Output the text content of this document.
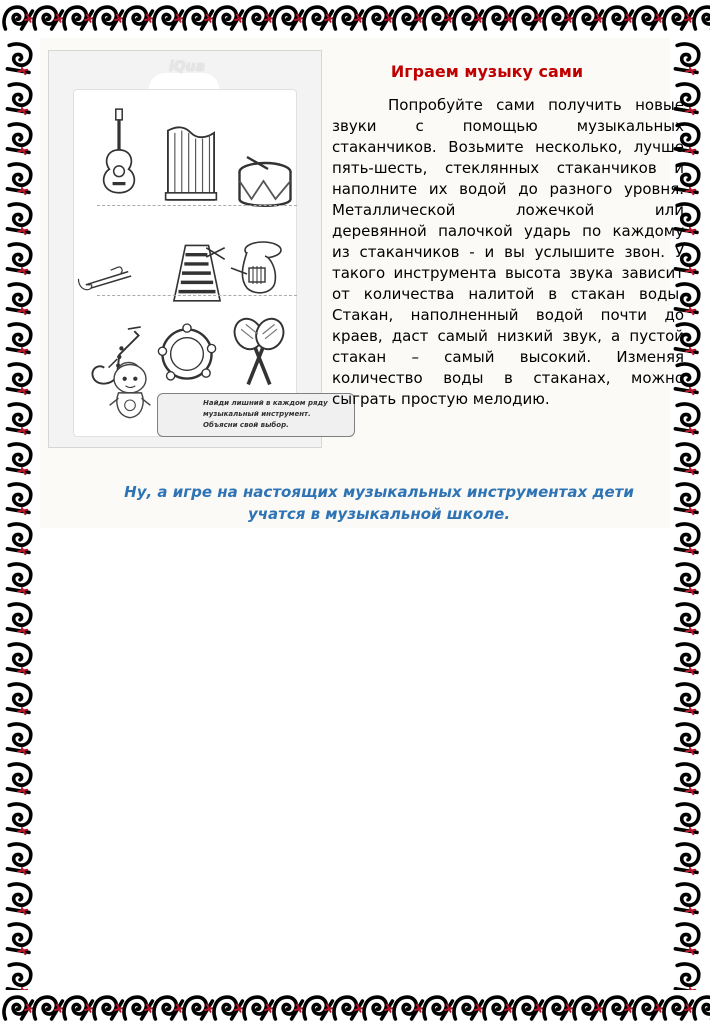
iQua
Найди лишний в каждом ряду
музыкальный инструмент.
Объясни свой выбор.
Играем музыку сами
Попробуйте сами получить новые
звуки с помощью музыкальных
стаканчиков. Возьмите несколько, лучше
пять-шесть, стеклянных стаканчиков и
наполните их водой до разного уровня.
Металлической ложечкой или
деревянной палочкой ударь по каждому
из стаканчиков - и вы услышите звон. У
такого инструмента высота звука зависит
от количества налитой в стакан воды.
Стакан, наполненный водой почти до
краев, даст самый низкий звук, а пустой
стакан – самый высокий. Изменяя
количество воды в стаканах, можно
сыграть простую мелодию.
Ну, а игре на настоящих музыкальных инструментах дети
учатся в музыкальной школе.
